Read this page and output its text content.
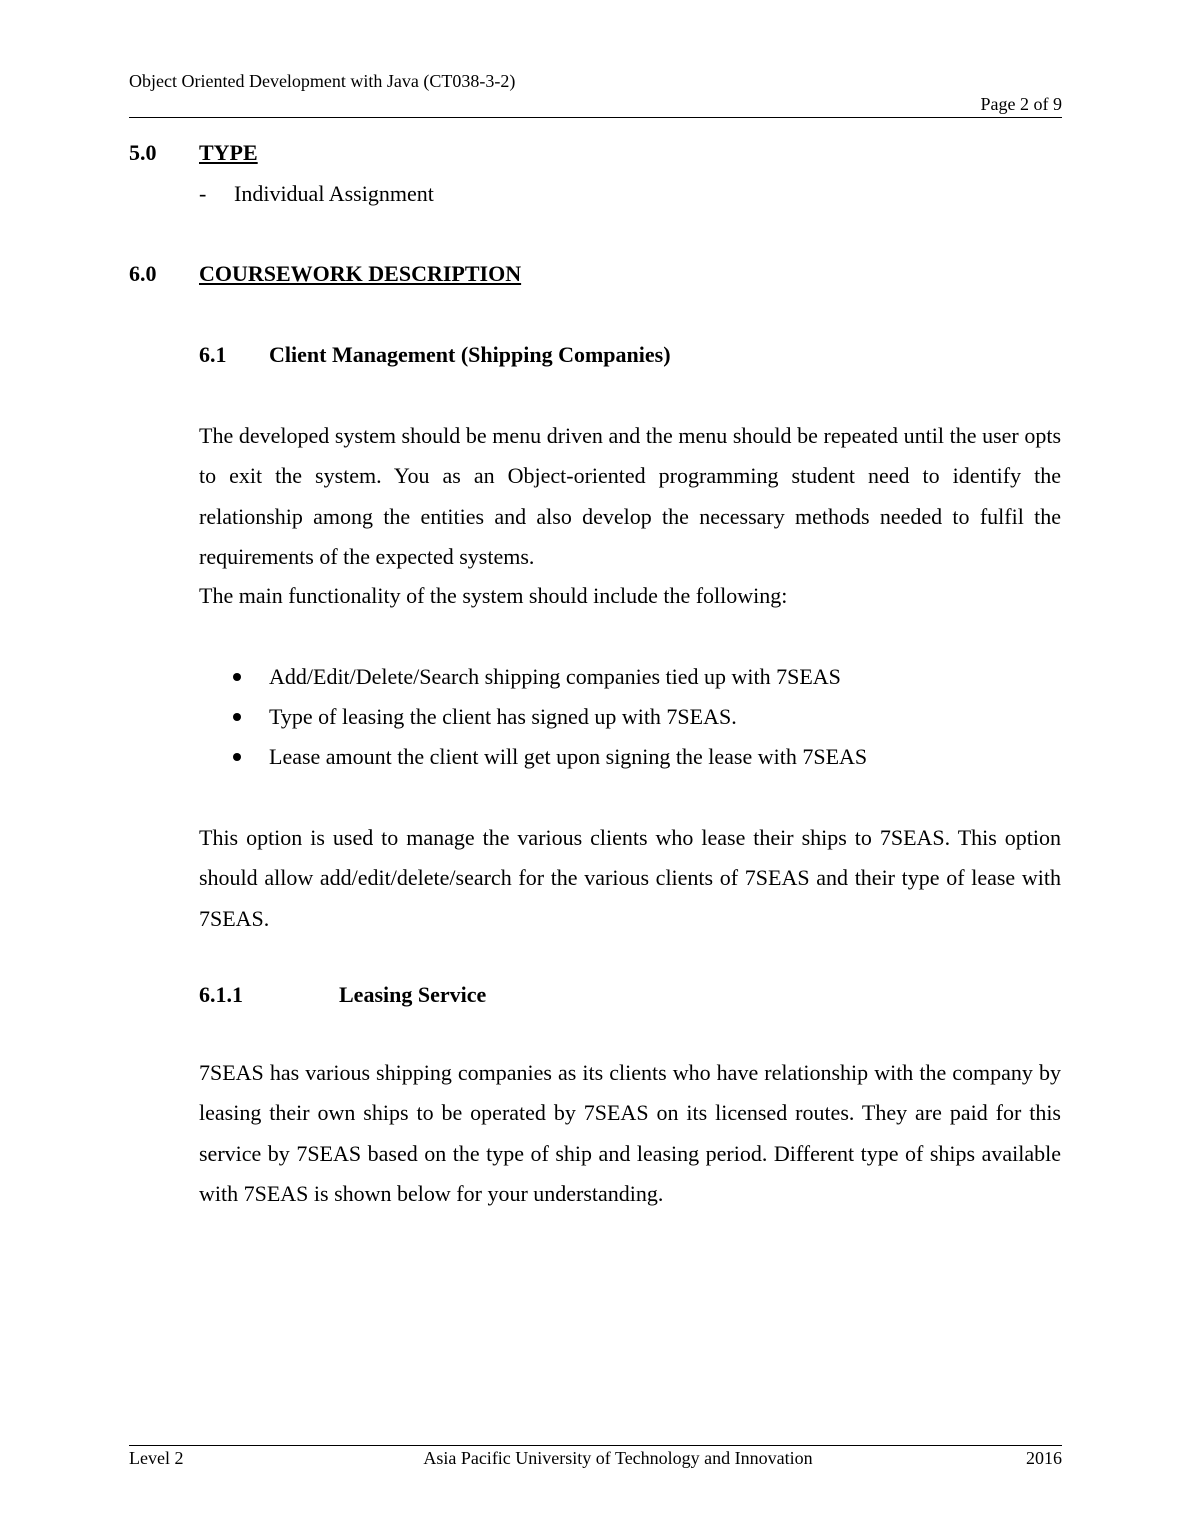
Object Oriented Development with Java (CT038-3-2)
Page 2 of 9
5.0 TYPE
- Individual Assignment
6.0 COURSEWORK DESCRIPTION
6.1 Client Management (Shipping Companies)
The developed system should be menu driven and the menu should be repeated until the user opts to exit the system. You as an Object-oriented programming student need to identify the relationship among the entities and also develop the necessary methods needed to fulfil the requirements of the expected systems.
The main functionality of the system should include the following:
Add/Edit/Delete/Search shipping companies tied up with 7SEAS
Type of leasing the client has signed up with 7SEAS.
Lease amount the client will get upon signing the lease with 7SEAS
This option is used to manage the various clients who lease their ships to 7SEAS. This option should allow add/edit/delete/search for the various clients of 7SEAS and their type of lease with 7SEAS.
6.1.1	Leasing Service
7SEAS has various shipping companies as its clients who have relationship with the company by leasing their own ships to be operated by 7SEAS on its licensed routes. They are paid for this service by 7SEAS based on the type of ship and leasing period. Different type of ships available with 7SEAS is shown below for your understanding.
Level 2	Asia Pacific University of Technology and Innovation	2016
